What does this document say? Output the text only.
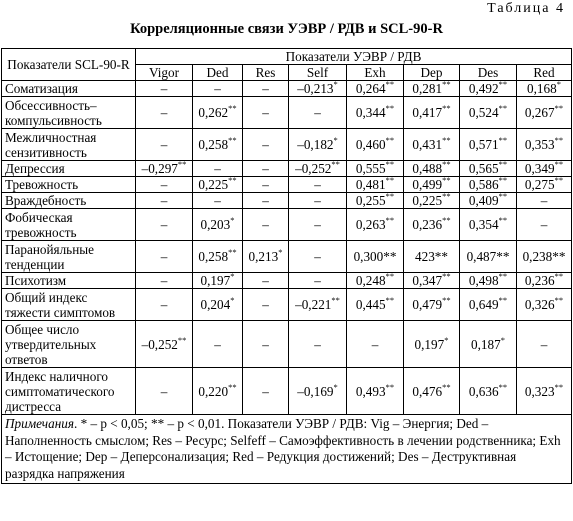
Таблица 4
Корреляционные связи УЭВР / РДВ и SCL-90-R
Показатели SCL-90-R	Показатели УЭВР / РДВ							
	Vigor	Ded	Res	Self	Exh	Dep	Des	Red
Соматизация	–	–	–	–0,213*	0,264**	0,281**	0,492**	0,168*
Обсессивность–компульсивность	–	0,262**	–	–	0,344**	0,417**	0,524**	0,267**
Межличностная сензитивность	–	0,258**	–	–0,182*	0,460**	0,431**	0,571**	0,353**
Депрессия	–0,297**	–	–	–0,252**	0,555**	0,488**	0,565**	0,349**
Тревожность	–	0,225**	–	–	0,481**	0,499**	0,586**	0,275**
Враждебность	–	–	–	–	0,255**	0,225**	0,409**	–
Фобическая тревожность	–	0,203*	–	–	0,263**	0,236**	0,354**	–
Паранойяльные тенденции	–	0,258**	0,213*	–	0,300**	423**	0,487**	0,238**
Психотизм	–	0,197*	–	–	0,248**	0,347**	0,498**	0,236**
Общий индекс тяжести симптомов	–	0,204*	–	–0,221**	0,445**	0,479**	0,649**	0,326**
Общее число утвердительных ответов	–0,252**	–	–	–	–	0,197*	0,187*	–
Индекс наличного симптоматического дистресса	–	0,220**	–	–0,169*	0,493**	0,476**	0,636**	0,323**
Примечания. * – p < 0,05; ** – p < 0,01. Показатели УЭВР / РДВ: Vig – Энергия; Ded – Наполненность смыслом; Res – Ресурс; Selfeff – Самоэффективность в лечении родственника; Exh – Истощение; Dep – Деперсонализация; Red – Редукция достижений; Des – Деструктивная разрядка напряжения								
